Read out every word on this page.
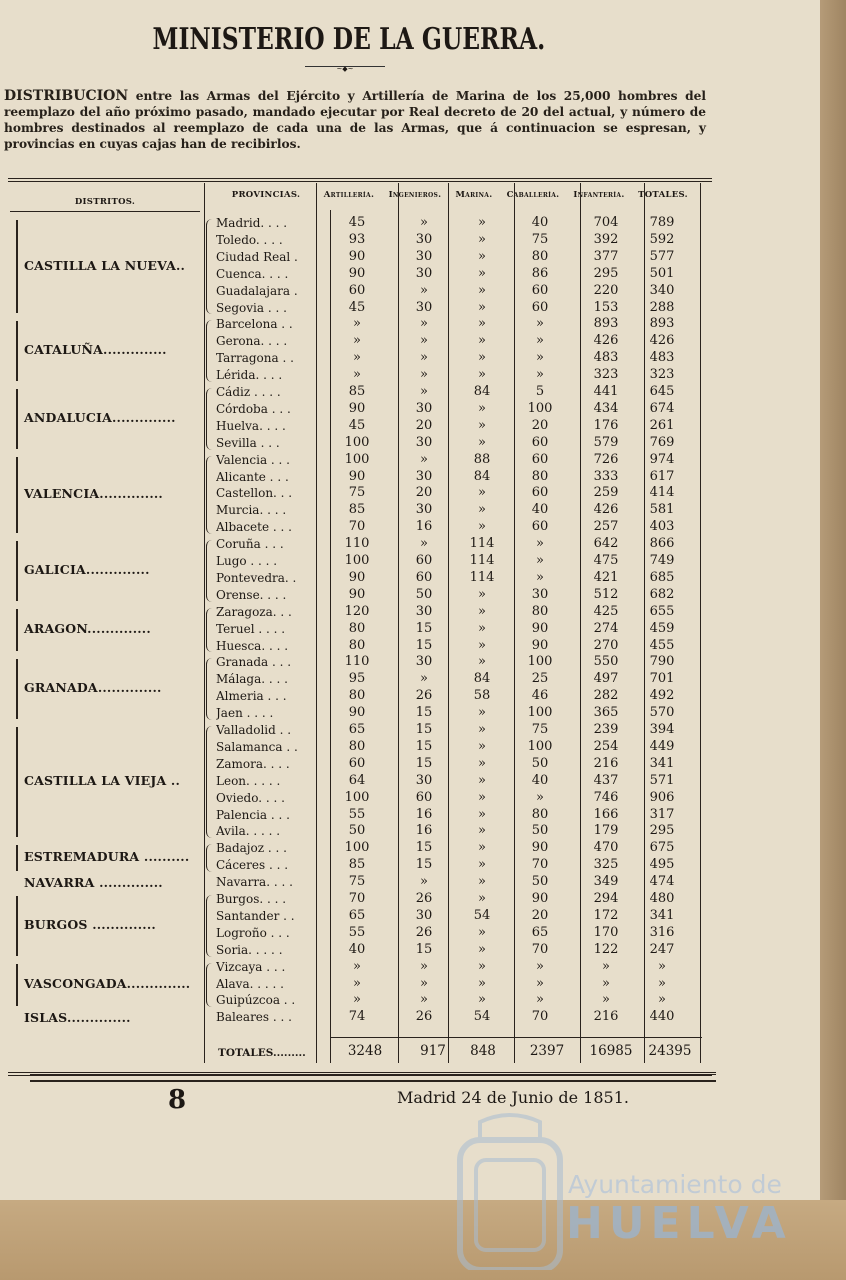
MINISTERIO DE LA GUERRA.
~◆~
DISTRIBUCION entre las Armas del Ejército y Artillería de Marina de los 25,000 hombres del reemplazo del año próximo pasado, mandado ejecutar por Real decreto de 20 del actual, y número de hombres destinados al reemplazo de cada una de las Armas, que á continuacion se espresan, y provincias en cuyas cajas han de recibirlos.
DISTRITOS.
PROVINCIAS.	Artillería.	Ingenieros.	Marina.	Caballería.	Infantería.	TOTALES.
CASTILLA LA NUEVA..
Madrid. . . .	45	»	»	40	704	789
Toledo. . . .	93	30	»	75	392	592
Ciudad Real .	90	30	»	80	377	577
Cuenca. . . .	90	30	»	86	295	501
Guadalajara .	60	»	»	60	220	340
Segovia . . .	45	30	»	60	153	288
CATALUÑA..............
Barcelona . .	»	»	»	»	893	893
Gerona. . . .	»	»	»	»	426	426
Tarragona . .	»	»	»	»	483	483
Lérida. . . .	»	»	»	»	323	323
ANDALUCIA..............
Cádiz . . . .	85	»	84	5	441	645
Córdoba . . .	90	30	»	100	434	674
Huelva. . . .	45	20	»	20	176	261
Sevilla . . .	100	30	»	60	579	769
VALENCIA..............
Valencia . . .	100	»	88	60	726	974
Alicante . . .	90	30	84	80	333	617
Castellon. . .	75	20	»	60	259	414
Murcia. . . .	85	30	»	40	426	581
Albacete . . .	70	16	»	60	257	403
GALICIA..............
Coruña . . .	110	»	114	»	642	866
Lugo . . . .	100	60	114	»	475	749
Pontevedra. .	90	60	114	»	421	685
Orense. . . .	90	50	»	30	512	682
ARAGON..............
Zaragoza. . .	120	30	»	80	425	655
Teruel . . . .	80	15	»	90	274	459
Huesca. . . .	80	15	»	90	270	455
GRANADA..............
Granada . . .	110	30	»	100	550	790
Málaga. . . .	95	»	84	25	497	701
Almeria . . .	80	26	58	46	282	492
Jaen . . . .	90	15	»	100	365	570
CASTILLA LA VIEJA ..
Valladolid . .	65	15	»	75	239	394
Salamanca . .	80	15	»	100	254	449
Zamora. . . .	60	15	»	50	216	341
Leon. . . . .	64	30	»	40	437	571
Oviedo. . . .	100	60	»	»	746	906
Palencia . . .	55	16	»	80	166	317
Avila. . . . .	50	16	»	50	179	295
ESTREMADURA ..........
Badajoz . . .	100	15	»	90	470	675
Cáceres . . .	85	15	»	70	325	495
NAVARRA ..............	Navarra. . . .	75	»	»	50	349	474
BURGOS ..............
Burgos. . . .	70	26	»	90	294	480
Santander . .	65	30	54	20	172	341
Logroño . . .	55	26	»	65	170	316
Soria. . . . .	40	15	»	70	122	247
VASCONGADA..............
Vizcaya . . .	»	»	»	»	»	»
Alava. . . . .	»	»	»	»	»	»
Guipúzcoa . .	»	»	»	»	»	»
ISLAS..............	Baleares . . .	74	26	54	70	216	440
TOTALES.........	3248	917	848	2397	16985	24395
8	Madrid 24 de Junio de 1851.
Ayuntamiento de
HUELVA
